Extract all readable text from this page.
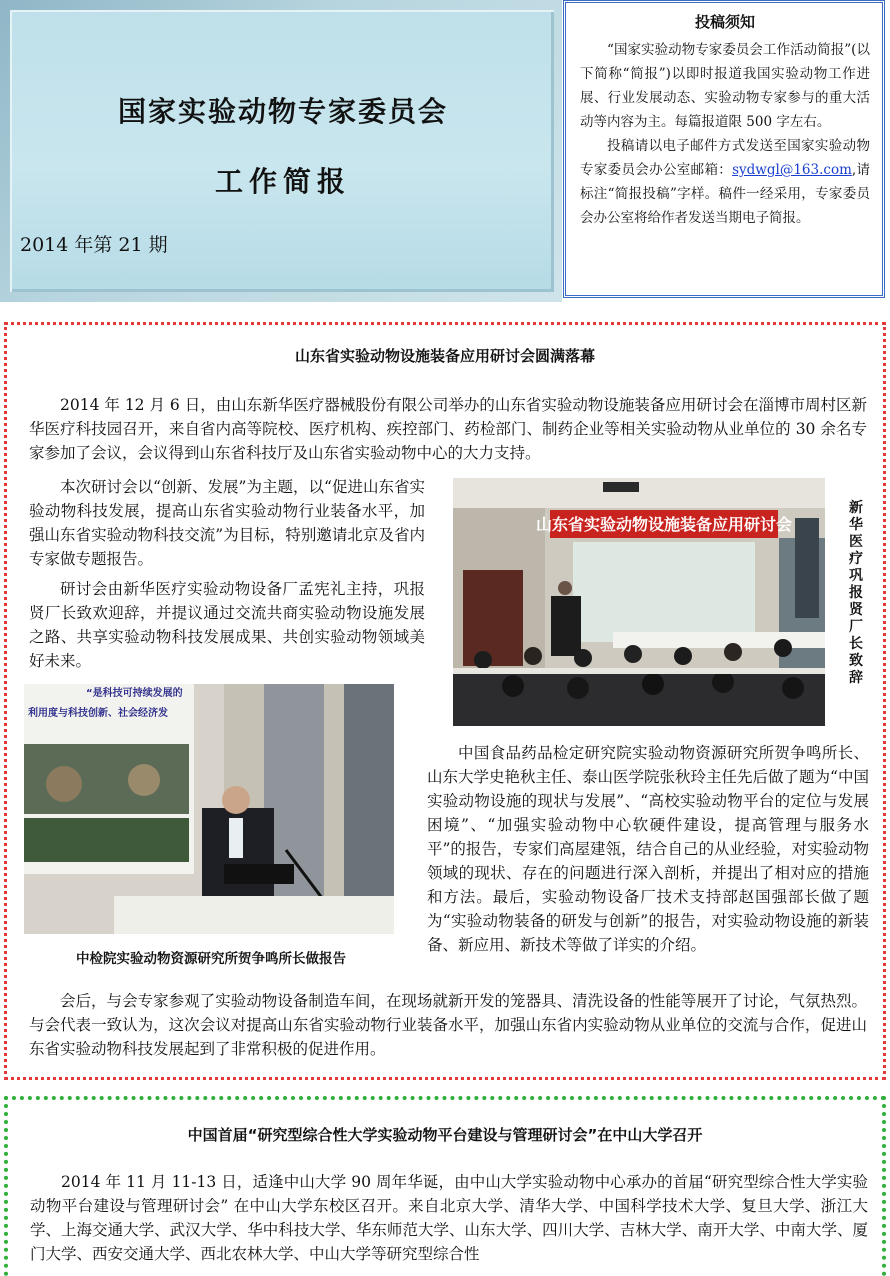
国家实验动物专家委员会
工作简报
2014 年第 21 期
投稿须知

“国家实验动物专家委员会工作活动简报”(以下简称“简报”)以即时报道我国实验动物工作进展、行业发展动态、实验动物专家参与的重大活动等内容为主。每篇报道限 500 字左右。

投稿请以电子邮件方式发送至国家实验动物专家委员会办公室邮箱：sydwgl@163.com,请标注“简报投稿”字样。稿件一经采用，专家委员会办公室将给作者发送当期电子简报。

山东省实验动物设施装备应用研讨会圆满落幕

2014 年 12 月 6 日，由山东新华医疗器械股份有限公司举办的山东省实验动物设施装备应用研讨会在淄博市周村区新华医疗科技园召开，来自省内高等院校、医疗机构、疾控部门、药检部门、制药企业等相关实验动物从业单位的 30 余名专家参加了会议，会议得到山东省科技厅及山东省实验动物中心的大力支持。

本次研讨会以“创新、发展”为主题，以“促进山东省实验动物科技发展，提高山东省实验动物行业装备水平，加强山东省实验动物科技交流”为目标，特别邀请北京及省内专家做专题报告。

研讨会由新华医疗实验动物设备厂孟宪礼主持，巩报贤厂长致欢迎辞，并提议通过交流共商实验动物设施发展之路、共享实验动物科技发展成果、共创实验动物领域美好未来。

中国食品药品检定研究院实验动物资源研究所贺争鸣所长、山东大学史艳秋主任、泰山医学院张秋玲主任先后做了题为“中国实验动物设施的现状与发展”、“高校实验动物平台的定位与发展困境”、“加强实验动物中心软硬件建设，提高管理与服务水平”的报告，专家们高屋建瓴，结合自己的从业经验，对实验动物领域的现状、存在的问题进行深入剖析，并提出了相对应的措施和方法。最后，实验动物设备厂技术支持部赵国强部长做了题为“实验动物装备的研发与创新”的报告，对实验动物设施的新装备、新应用、新技术等做了详实的介绍。

会后，与会专家参观了实验动物设备制造车间，在现场就新开发的笼器具、清洗设备的性能等展开了讨论，气氛热烈。与会代表一致认为，这次会议对提高山东省实验动物行业装备水平，加强山东省内实验动物从业单位的交流与合作，促进山东省实验动物科技发展起到了非常积极的促进作用。

山东省实验动物设施装备应用研讨会
新华医疗巩报贤厂长致辞
“是科技可持续发展的
利用度与科技创新、社会经济发
中检院实验动物资源研究所贺争鸣所长做报告
中国首届“研究型综合性大学实验动物平台建设与管理研讨会”在中山大学召开

2014 年 11 月 11-13 日，适逢中山大学 90 周年华诞，由中山大学实验动物中心承办的首届“研究型综合性大学实验动物平台建设与管理研讨会” 在中山大学东校区召开。来自北京大学、清华大学、中国科学技术大学、复旦大学、浙江大学、上海交通大学、武汉大学、华中科技大学、华东师范大学、山东大学、四川大学、吉林大学、南开大学、中南大学、厦门大学、西安交通大学、西北农林大学、中山大学等研究型综合性
